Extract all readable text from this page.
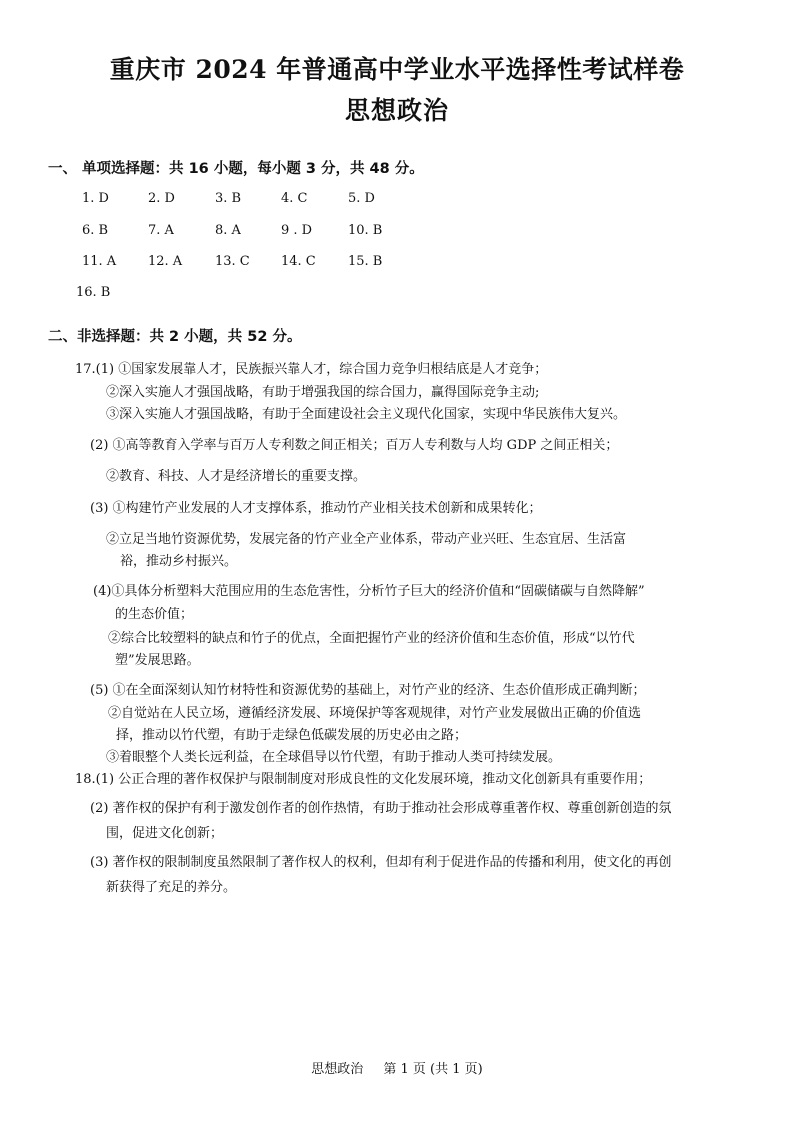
重庆市 2024 年普通高中学业水平选择性考试样卷
思想政治
一、 单项选择题：共 16 小题，每小题 3 分，共 48 分。
1. D	2. D	3. B	4. C	5. D
6. B	7. A	8. A	9 . D	10. B
11. A 12. A	13. C 14. C 15. B
16. B
二、非选择题：共 2 小题，共 52 分。
17.(1) ①国家发展靠人才，民族振兴靠人才，综合国力竞争归根结底是人才竞争；
②深入实施人才强国战略，有助于增强我国的综合国力，赢得国际竞争主动;
③深入实施人才强国战略，有助于全面建设社会主义现代化国家，实现中华民族伟大复兴。
(2) ①高等教育入学率与百万人专利数之间正相关；百万人专利数与人均 GDP 之间正相关；
②教育、科技、人才是经济增长的重要支撑。
(3) ①构建竹产业发展的人才支撑体系，推动竹产业相关技术创新和成果转化；
②立足当地竹资源优势，发展完备的竹产业全产业体系，带动产业兴旺、生态宜居、生活富
裕，推动乡村振兴。
(4)①具体分析塑料大范围应用的生态危害性，分析竹子巨大的经济价值和“固碳储碳与自然降解”
的生态价值；
②综合比较塑料的缺点和竹子的优点，全面把握竹产业的经济价值和生态价值，形成“以竹代
塑”发展思路。
(5) ①在全面深刻认知竹材特性和资源优势的基础上，对竹产业的经济、生态价值形成正确判断；
②自觉站在人民立场，遵循经济发展、环境保护等客观规律，对竹产业发展做出正确的价值选
择，推动以竹代塑，有助于走绿色低碳发展的历史必由之路；
③着眼整个人类长远利益，在全球倡导以竹代塑，有助于推动人类可持续发展。
18.(1) 公正合理的著作权保护与限制制度对形成良性的文化发展环境，推动文化创新具有重要作用；
(2) 著作权的保护有利于激发创作者的创作热情，有助于推动社会形成尊重著作权、尊重创新创造的氛
围，促进文化创新；
(3) 著作权的限制制度虽然限制了著作权人的权利，但却有利于促进作品的传播和利用，使文化的再创
新获得了充足的养分。
思想政治 第 1 页 (共 1 页)
